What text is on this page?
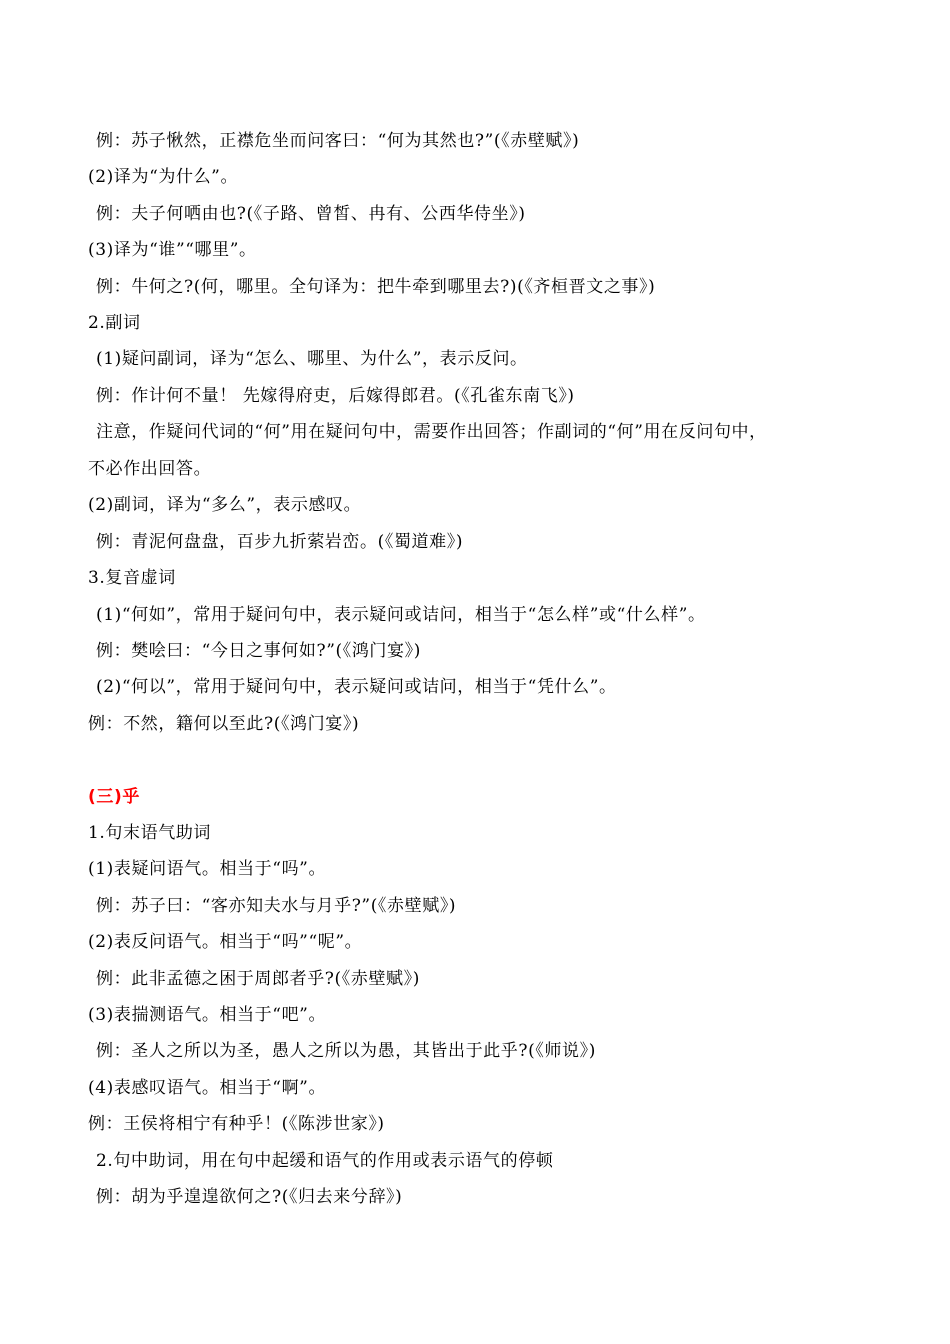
例：苏子愀然，正襟危坐而问客曰：“何为其然也?”(《赤壁赋》)
(2)译为“为什么”。
例：夫子何哂由也?(《子路、曾皙、冉有、公西华侍坐》)
(3)译为“谁”“哪里”。
例：牛何之?(何，哪里。全句译为：把牛牵到哪里去?)(《齐桓晋文之事》)
2.副词
(1)疑问副词，译为“怎么、哪里、为什么”，表示反问。
例：作计何不量！ 先嫁得府吏，后嫁得郎君。(《孔雀东南飞》)
注意，作疑问代词的“何”用在疑问句中，需要作出回答；作副词的“何”用在反问句中，
不必作出回答。
(2)副词，译为“多么”，表示感叹。
例：青泥何盘盘，百步九折萦岩峦。(《蜀道难》)
3.复音虚词
(1)“何如”，常用于疑问句中，表示疑问或诘问，相当于“怎么样”或“什么样”。
例：樊哙曰：“今日之事何如?”(《鸿门宴》)
(2)“何以”，常用于疑问句中，表示疑问或诘问，相当于“凭什么”。
例：不然，籍何以至此?(《鸿门宴》)
(三)乎
1.句末语气助词
(1)表疑问语气。相当于“吗”。
例：苏子曰：“客亦知夫水与月乎?”(《赤壁赋》)
(2)表反问语气。相当于“吗”“呢”。
例：此非孟德之困于周郎者乎?(《赤壁赋》)
(3)表揣测语气。相当于“吧”。
例：圣人之所以为圣，愚人之所以为愚，其皆出于此乎?(《师说》)
(4)表感叹语气。相当于“啊”。
例：王侯将相宁有种乎！(《陈涉世家》)
2.句中助词，用在句中起缓和语气的作用或表示语气的停顿
例：胡为乎遑遑欲何之?(《归去来兮辞》)
